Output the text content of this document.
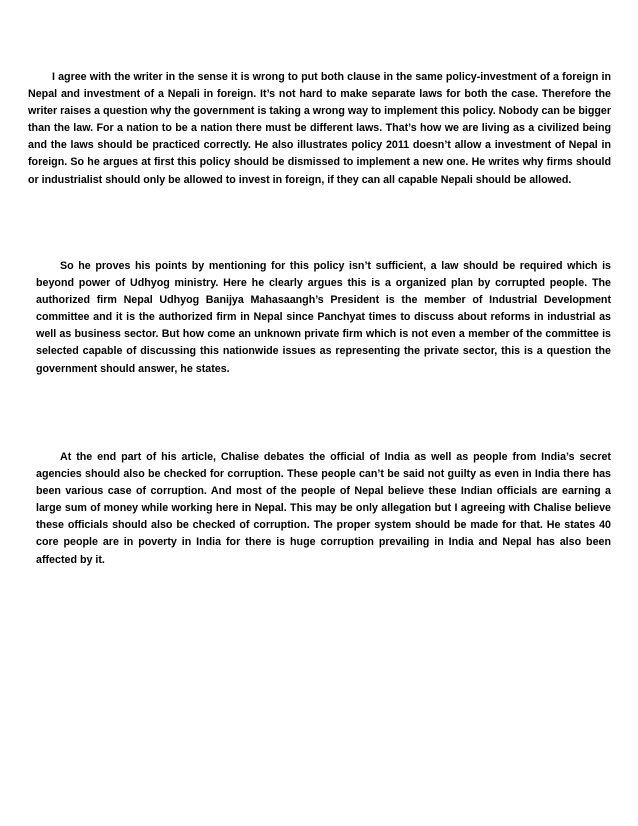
I agree with the writer in the sense it is wrong to put both clause in the same policy-investment of a foreign in Nepal and investment of a Nepali in foreign. It’s not hard to make separate laws for both the case. Therefore the writer raises a question why the government is taking a wrong way to implement this policy. Nobody can be bigger than the law. For a nation to be a nation there must be different laws. That’s how we are living as a civilized being and the laws should be practiced correctly. He also illustrates policy 2011 doesn’t allow a investment of Nepal in foreign. So he argues at first this policy should be dismissed to implement a new one. He writes why firms should or industrialist should only be allowed to invest in foreign, if they can all capable Nepali should be allowed.

So he proves his points by mentioning for this policy isn’t sufficient, a law should be required which is beyond power of Udhyog ministry. Here he clearly argues this is a organized plan by corrupted people. The authorized firm Nepal Udhyog Banijya Mahasaangh’s President is the member of Industrial Development committee and it is the authorized firm in Nepal since Panchyat times to discuss about reforms in industrial as well as business sector. But how come an unknown private firm which is not even a member of the committee is selected capable of discussing this nationwide issues as representing the private sector, this is a question the government should answer, he states.

At the end part of his article, Chalise debates the official of India as well as people from India’s secret agencies should also be checked for corruption. These people can’t be said not guilty as even in India there has been various case of corruption. And most of the people of Nepal believe these Indian officials are earning a large sum of money while working here in Nepal. This may be only allegation but I agreeing with Chalise believe these officials should also be checked of corruption. The proper system should be made for that. He states 40 core people are in poverty in India for there is huge corruption prevailing in India and Nepal has also been affected by it.
